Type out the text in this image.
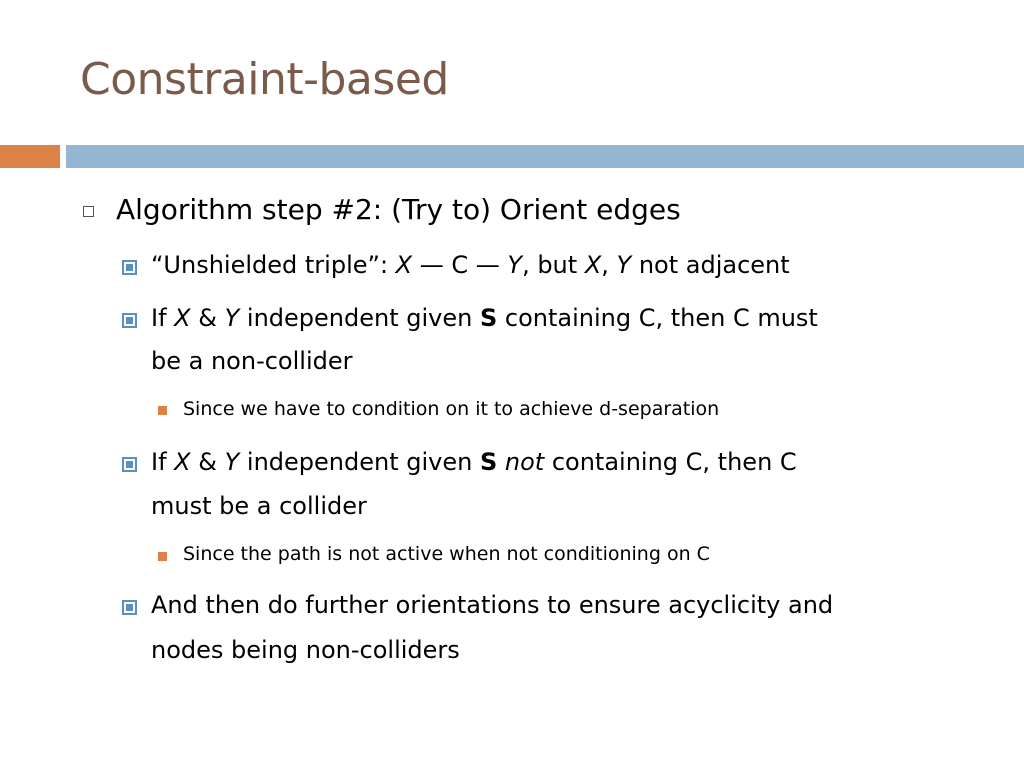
Constraint-based
Algorithm step #2: (Try to) Orient edges
“Unshielded triple”: X — C — Y, but X, Y not adjacent
If X & Y independent given S containing C, then C must
be a non-collider
Since we have to condition on it to achieve d-separation
If X & Y independent given S not containing C, then C
must be a collider
Since the path is not active when not conditioning on C
And then do further orientations to ensure acyclicity and
nodes being non-colliders
